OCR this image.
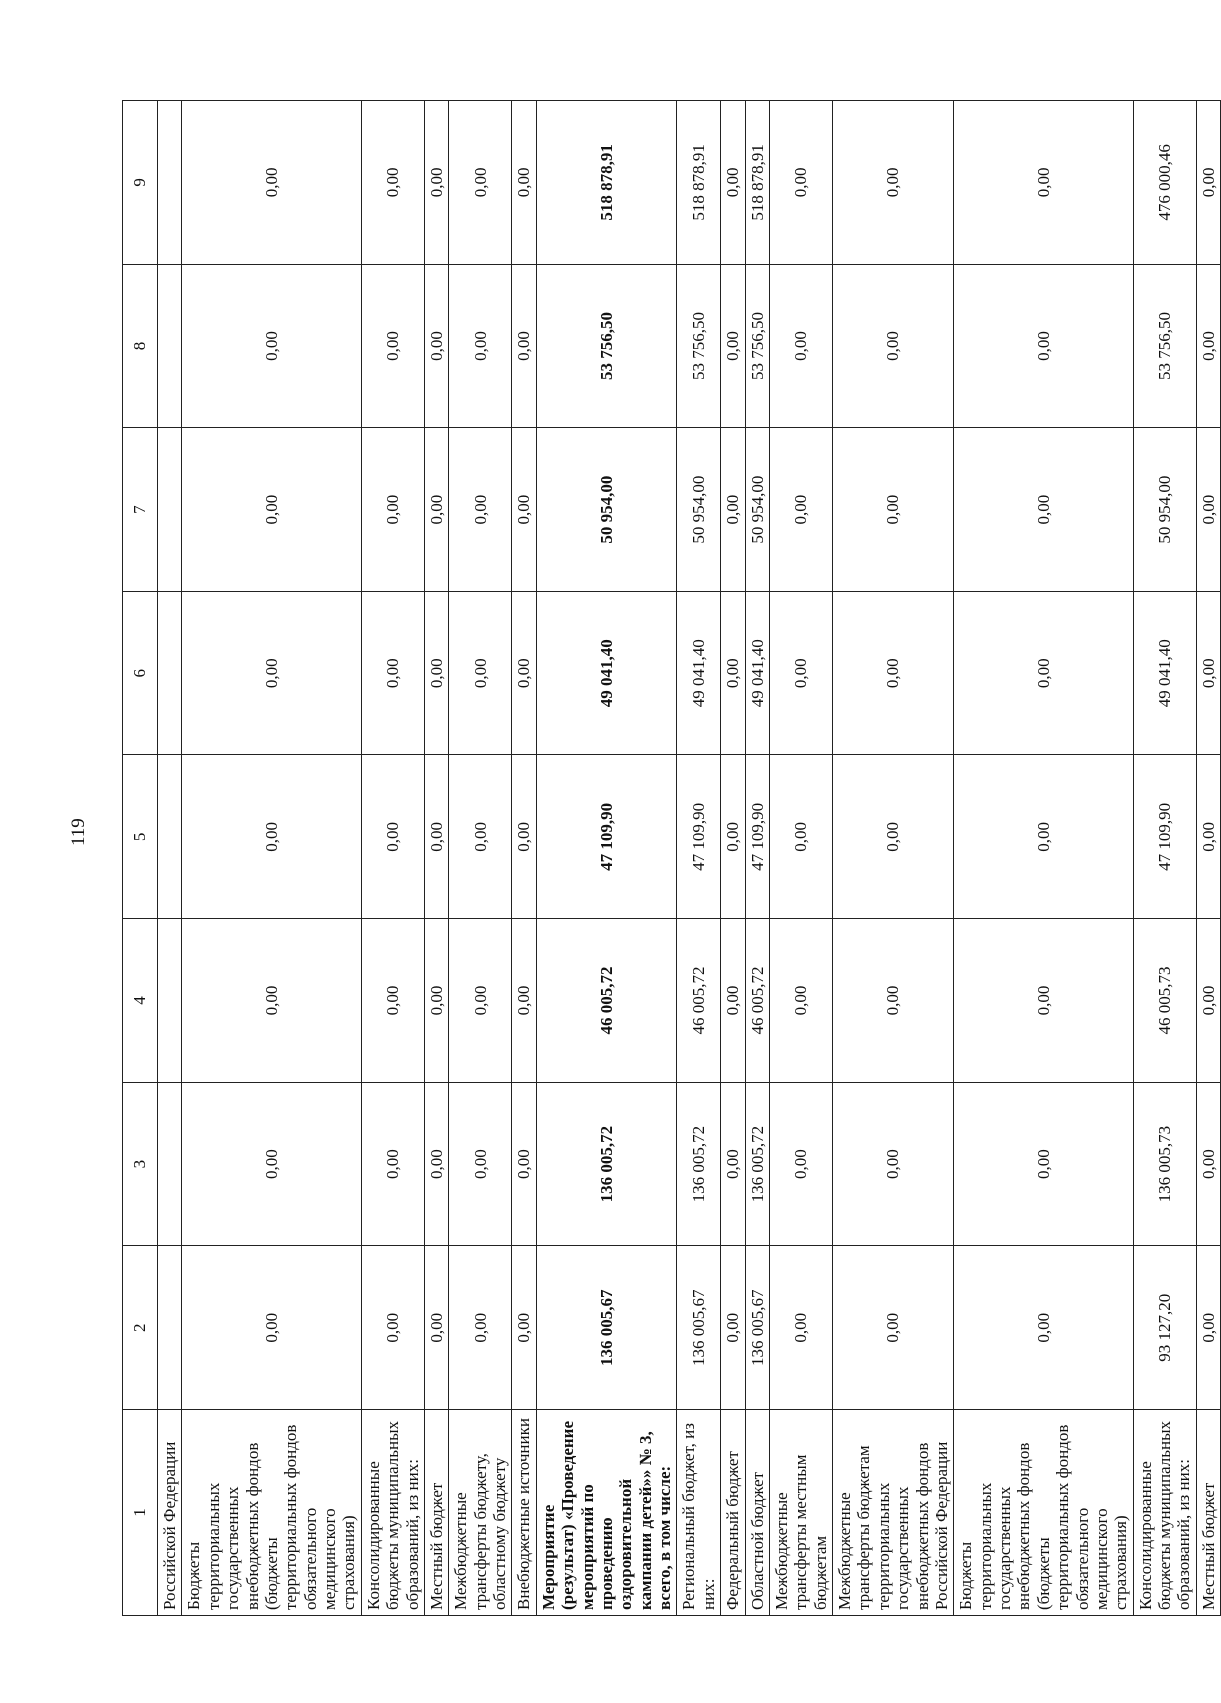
119
1	2	3	4	5	6	7	8	9
Российской Федерации								
Бюджеты территориальных государственных внебюджетных фондов (бюджеты территориальных фондов обязательного медицинского страхования)	0,00	0,00	0,00	0,00	0,00	0,00	0,00	0,00
Консолидированные бюджеты муниципальных образований, из них:	0,00	0,00	0,00	0,00	0,00	0,00	0,00	0,00
Местный бюджет	0,00	0,00	0,00	0,00	0,00	0,00	0,00	0,00
Межбюджетные трансферты бюджету, областному бюджету	0,00	0,00	0,00	0,00	0,00	0,00	0,00	0,00
Внебюджетные источники	0,00	0,00	0,00	0,00	0,00	0,00	0,00	0,00
Мероприятие (результат) «Проведение мероприятий по проведению оздоровительной кампании детей»» № 3, всего, в том числе:	136 005,67	136 005,72	46 005,72	47 109,90	49 041,40	50 954,00	53 756,50	518 878,91
Региональный бюджет, из них:	136 005,67	136 005,72	46 005,72	47 109,90	49 041,40	50 954,00	53 756,50	518 878,91
Федеральный бюджет	0,00	0,00	0,00	0,00	0,00	0,00	0,00	0,00
Областной бюджет	136 005,67	136 005,72	46 005,72	47 109,90	49 041,40	50 954,00	53 756,50	518 878,91
Межбюджетные трансферты местным бюджетам	0,00	0,00	0,00	0,00	0,00	0,00	0,00	0,00
Межбюджетные трансферты бюджетам территориальных государственных внебюджетных фондов Российской Федерации	0,00	0,00	0,00	0,00	0,00	0,00	0,00	0,00
Бюджеты территориальных государственных внебюджетных фондов (бюджеты территориальных фондов обязательного медицинского страхования)	0,00	0,00	0,00	0,00	0,00	0,00	0,00	0,00
Консолидированные бюджеты муниципальных образований, из них:	93 127,20	136 005,73	46 005,73	47 109,90	49 041,40	50 954,00	53 756,50	476 000,46
Местный бюджет	0,00	0,00	0,00	0,00	0,00	0,00	0,00	0,00
